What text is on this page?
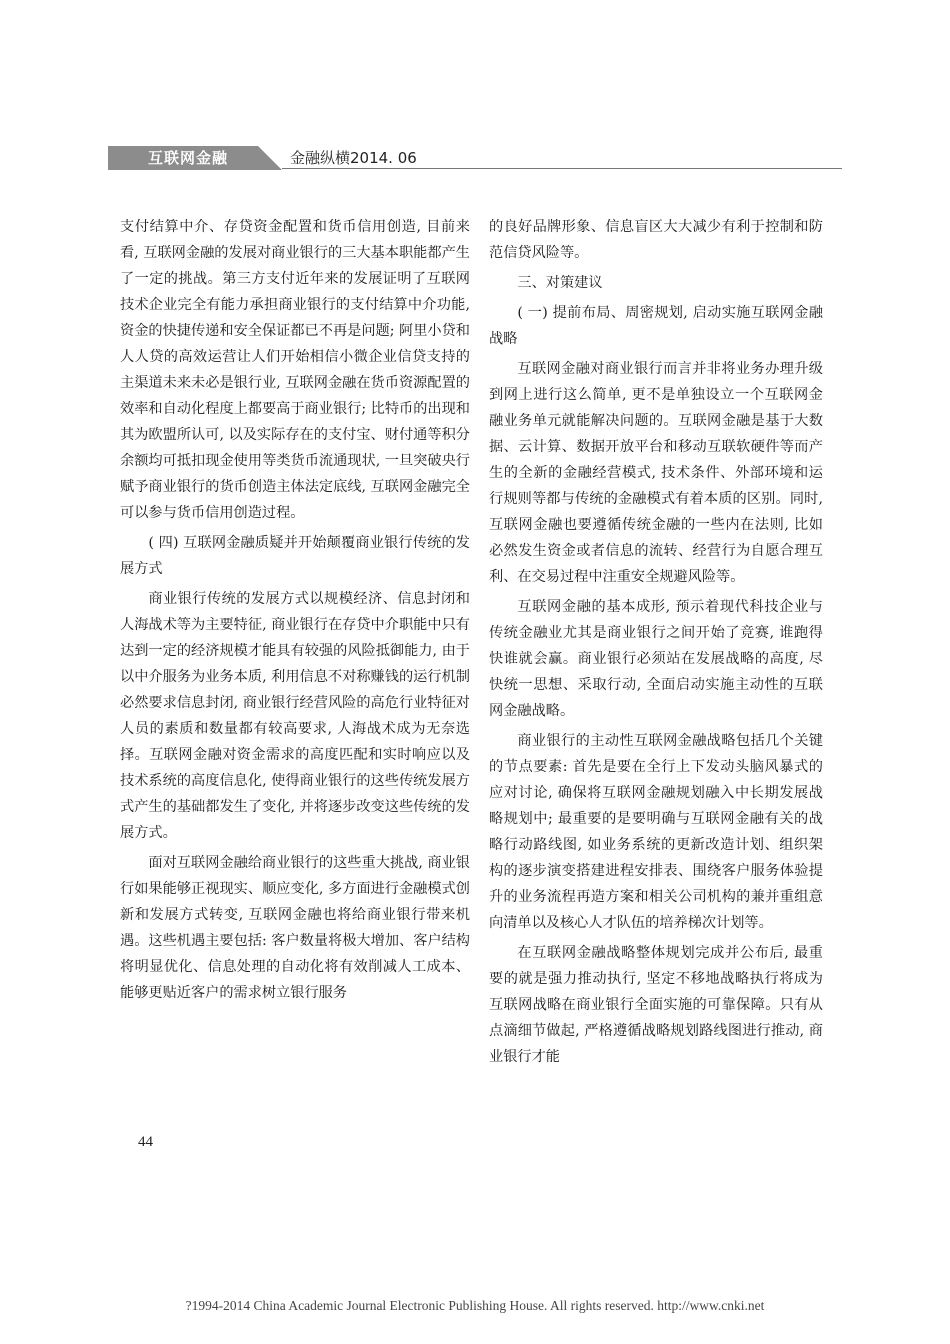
互联网金融	金融纵横2014. 06

支付结算中介、存贷资金配置和货币信用创造, 目前来看, 互联网金融的发展对商业银行的三大基本职能都产生了一定的挑战。第三方支付近年来的发展证明了互联网技术企业完全有能力承担商业银行的支付结算中介功能, 资金的快捷传递和安全保证都已不再是问题; 阿里小贷和人人贷的高效运营让人们开始相信小微企业信贷支持的主渠道未来未必是银行业, 互联网金融在货币资源配置的效率和自动化程度上都要高于商业银行; 比特币的出现和其为欧盟所认可, 以及实际存在的支付宝、财付通等积分余额均可抵扣现金使用等类货币流通现状, 一旦突破央行赋予商业银行的货币创造主体法定底线, 互联网金融完全可以参与货币信用创造过程。

( 四) 互联网金融质疑并开始颠覆商业银行传统的发展方式

商业银行传统的发展方式以规模经济、信息封闭和人海战术等为主要特征, 商业银行在存贷中介职能中只有达到一定的经济规模才能具有较强的风险抵御能力, 由于以中介服务为业务本质, 利用信息不对称赚钱的运行机制必然要求信息封闭, 商业银行经营风险的高危行业特征对人员的素质和数量都有较高要求, 人海战术成为无奈选择。互联网金融对资金需求的高度匹配和实时响应以及技术系统的高度信息化, 使得商业银行的这些传统发展方式产生的基础都发生了变化, 并将逐步改变这些传统的发展方式。

面对互联网金融给商业银行的这些重大挑战, 商业银行如果能够正视现实、顺应变化, 多方面进行金融模式创新和发展方式转变, 互联网金融也将给商业银行带来机遇。这些机遇主要包括: 客户数量将极大增加、客户结构将明显优化、信息处理的自动化将有效削减人工成本、能够更贴近客户的需求树立银行服务

的良好品牌形象、信息盲区大大减少有利于控制和防范信贷风险等。

三、对策建议

( 一) 提前布局、周密规划, 启动实施互联网金融战略

互联网金融对商业银行而言并非将业务办理升级到网上进行这么简单, 更不是单独设立一个互联网金融业务单元就能解决问题的。互联网金融是基于大数据、云计算、数据开放平台和移动互联软硬件等而产生的全新的金融经营模式, 技术条件、外部环境和运行规则等都与传统的金融模式有着本质的区别。同时, 互联网金融也要遵循传统金融的一些内在法则, 比如必然发生资金或者信息的流转、经营行为自愿合理互利、在交易过程中注重安全规避风险等。

互联网金融的基本成形, 预示着现代科技企业与传统金融业尤其是商业银行之间开始了竞赛, 谁跑得快谁就会赢。商业银行必须站在发展战略的高度, 尽快统一思想、采取行动, 全面启动实施主动性的互联网金融战略。

商业银行的主动性互联网金融战略包括几个关键的节点要素: 首先是要在全行上下发动头脑风暴式的应对讨论, 确保将互联网金融规划融入中长期发展战略规划中; 最重要的是要明确与互联网金融有关的战略行动路线图, 如业务系统的更新改造计划、组织架构的逐步演变搭建进程安排表、围绕客户服务体验提升的业务流程再造方案和相关公司机构的兼并重组意向清单以及核心人才队伍的培养梯次计划等。

在互联网金融战略整体规划完成并公布后, 最重要的就是强力推动执行, 坚定不移地战略执行将成为互联网战略在商业银行全面实施的可靠保障。只有从点滴细节做起, 严格遵循战略规划路线图进行推动, 商业银行才能

44
?1994-2014 China Academic Journal Electronic Publishing House. All rights reserved. http://www.cnki.net
